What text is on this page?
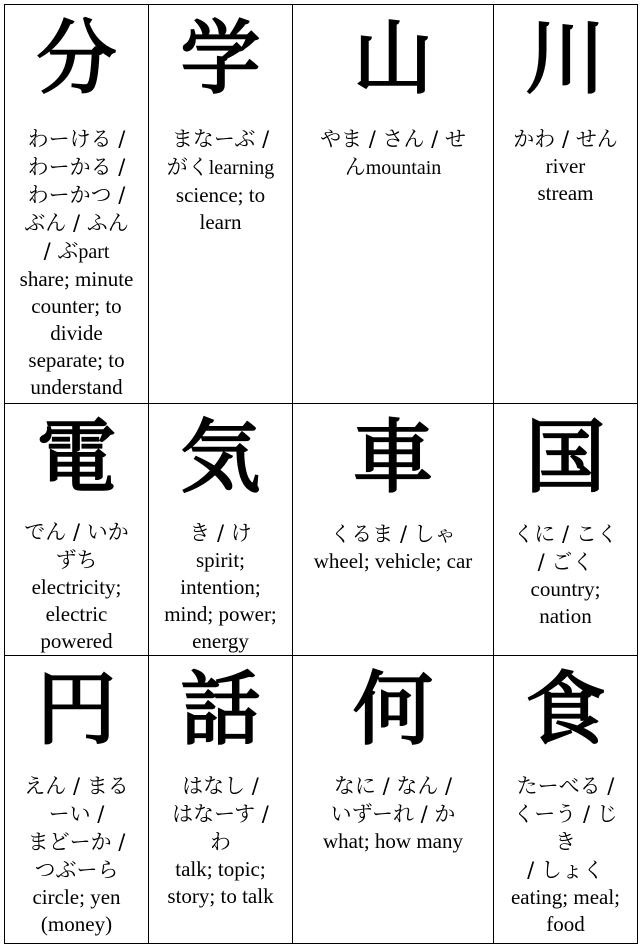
分
わーける /
わーかる /
わーかつ /
ぶん / ふん
/ ぶpart
share; minute
counter; to
divide
separate; to
understand
学
まなーぶ /
がくlearning
science; to
learn
山
やま / さん / せ
んmountain
川
かわ / せん
river
stream
電
でん / いか
ずち
electricity;
electric
powered
気
き / け
spirit;
intention;
mind; power;
energy
車
くるま / しゃ
wheel; vehicle; car
国
くに / こく
/ ごく
country;
nation
円
えん / まる
ーい /
まどーか /
つぶーら
circle; yen
(money)
話
はなし /
はなーす /
わ
talk; topic;
story; to talk
何
なに / なん /
いずーれ / か
what; how many
食
たーべる /
くーう / じ
き
/ しょく
eating; meal;
food
